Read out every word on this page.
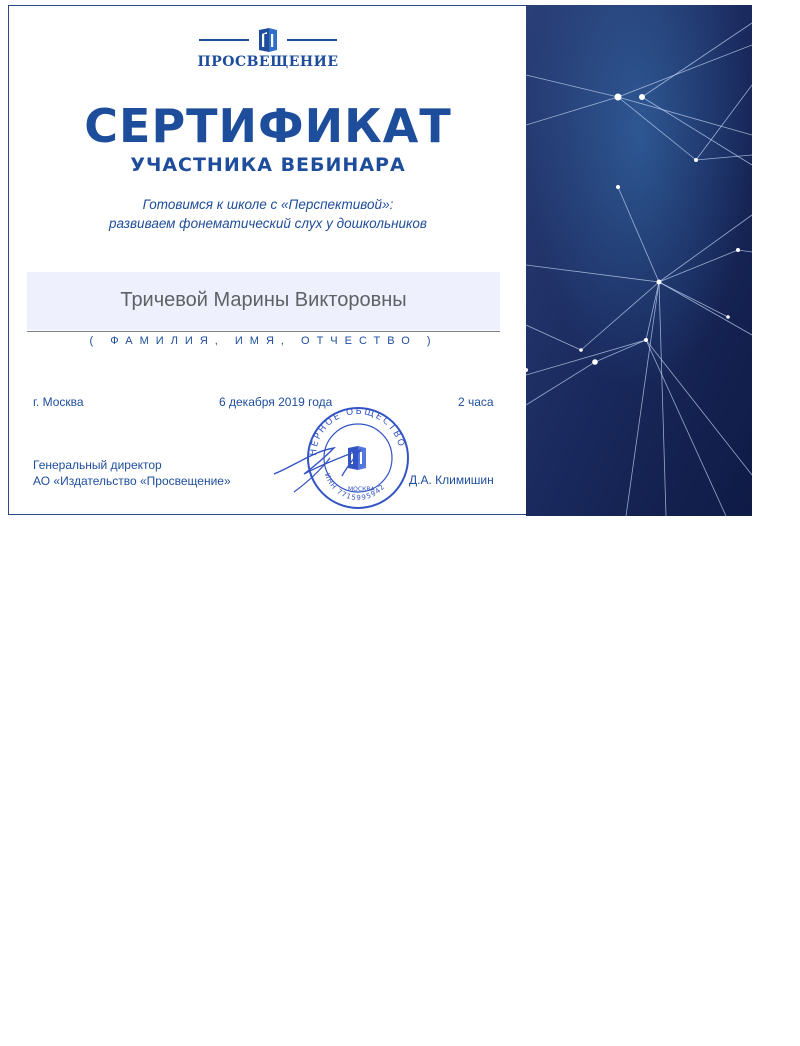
ПРОСВЕЩЕНИЕ
СЕРТИФИКАТ
УЧАСТНИКА ВЕБИНАРА
Готовимся к школе с «Перспективой»:
развиваем фонематический слух у дошкольников
Тричевой Марины Викторовны
( ФАМИЛИЯ, ИМЯ, ОТЧЕСТВО )
г. Москва	6 декабря 2019 года	2 часа
НЕРНОЕ ОБЩЕСТВО
ИНН 7715995942
МОСКВА
Генеральный директор
АО «Издательство «Просвещение»	Д.А. Климишин
